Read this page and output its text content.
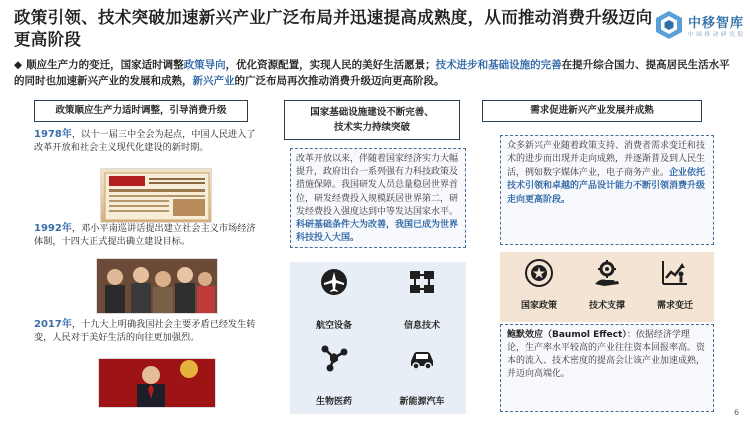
政策引领、技术突破加速新兴产业广泛布局并迅速提高成熟度，从而推动消费升级迈向更高阶段
中移智库
中 国 移 动 研 究 院
◆ 顺应生产力的变迁，国家适时调整政策导向，优化资源配置，实现人民的美好生活愿景；技术进步和基础设施的完善在提升综合国力、提高居民生活水平的同时也加速新兴产业的发展和成熟，新兴产业的广泛布局再次推动消费升级迈向更高阶段。
政策顺应生产力适时调整，引导消费升级	国家基础设施建设不断完善、
技术实力持续突破
需求促进新兴产业发展并成熟
1978年，以十一届三中全会为起点，中国人民进入了改革开放和社会主义现代化建设的新时期。
1992年，邓小平南巡讲话提出建立社会主义市场经济体制，十四大正式提出确立建设目标。
2017年，十九大上明确我国社会主要矛盾已经发生转变，人民对于美好生活的向往更加强烈。
改革开放以来，伴随着国家经济实力大幅提升，政府出台一系列强有力科技政策及措施保障。我国研发人员总量稳居世界首位，研发经费投入规模跃居世界第二，研发经费投入强度达到中等发达国家水平。科研基础条件大为改善，我国已成为世界科技投入大国。
航空设备	信息技术
生物医药	新能源汽车
众多新兴产业随着政策支持、消费者需求变迁和技术的进步而出现并走向成熟，并逐渐普及到人民生活，例如数字媒体产业，电子商务产业。企业依托技术引领和卓越的产品设计能力不断引领消费升级走向更高阶段。
国家政策	技术支撑	需求变迁
鲍默效应（Baumol Effect）：依据经济学理论，生产率水平较高的产业往往资本回报率高。资本的流入、技术密度的提高会让该产业加速成熟，并迈向高端化。
6
